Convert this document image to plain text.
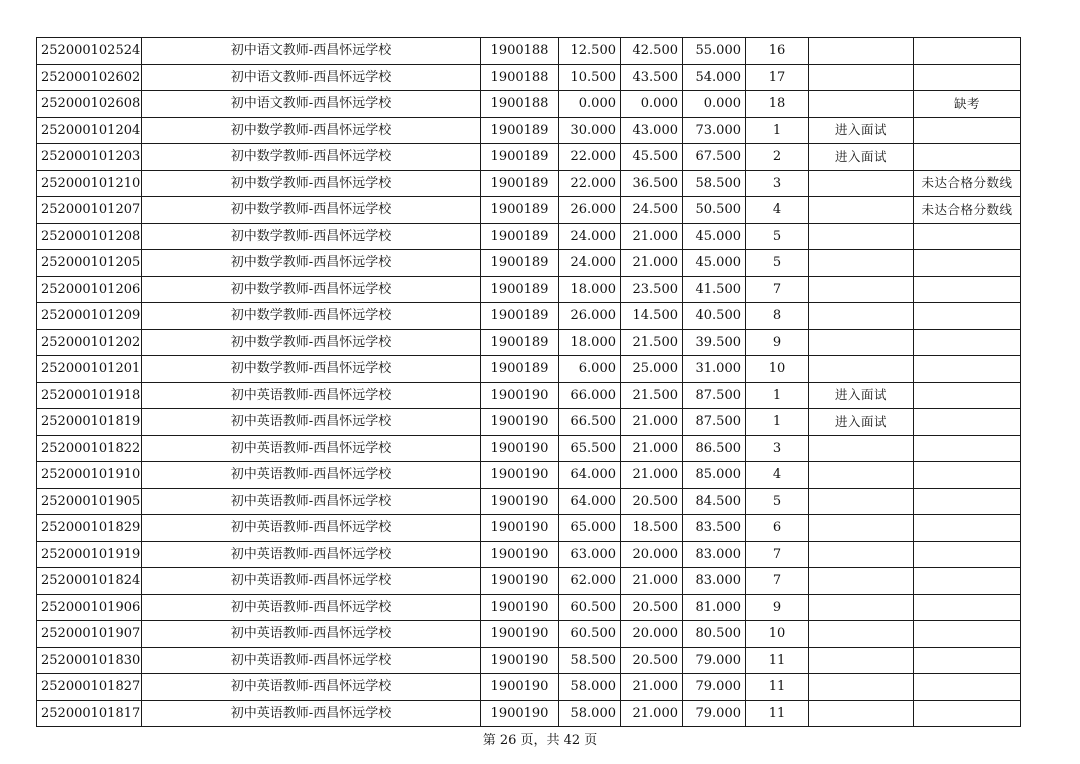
252000102524	初中语文教师-西昌怀远学校	1900188	12.500	42.500	55.000	16		
252000102602	初中语文教师-西昌怀远学校	1900188	10.500	43.500	54.000	17		
252000102608	初中语文教师-西昌怀远学校	1900188	0.000	0.000	0.000	18		缺考
252000101204	初中数学教师-西昌怀远学校	1900189	30.000	43.000	73.000	1	进入面试	
252000101203	初中数学教师-西昌怀远学校	1900189	22.000	45.500	67.500	2	进入面试	
252000101210	初中数学教师-西昌怀远学校	1900189	22.000	36.500	58.500	3		未达合格分数线
252000101207	初中数学教师-西昌怀远学校	1900189	26.000	24.500	50.500	4		未达合格分数线
252000101208	初中数学教师-西昌怀远学校	1900189	24.000	21.000	45.000	5		
252000101205	初中数学教师-西昌怀远学校	1900189	24.000	21.000	45.000	5		
252000101206	初中数学教师-西昌怀远学校	1900189	18.000	23.500	41.500	7		
252000101209	初中数学教师-西昌怀远学校	1900189	26.000	14.500	40.500	8		
252000101202	初中数学教师-西昌怀远学校	1900189	18.000	21.500	39.500	9		
252000101201	初中数学教师-西昌怀远学校	1900189	6.000	25.000	31.000	10		
252000101918	初中英语教师-西昌怀远学校	1900190	66.000	21.500	87.500	1	进入面试	
252000101819	初中英语教师-西昌怀远学校	1900190	66.500	21.000	87.500	1	进入面试	
252000101822	初中英语教师-西昌怀远学校	1900190	65.500	21.000	86.500	3		
252000101910	初中英语教师-西昌怀远学校	1900190	64.000	21.000	85.000	4		
252000101905	初中英语教师-西昌怀远学校	1900190	64.000	20.500	84.500	5		
252000101829	初中英语教师-西昌怀远学校	1900190	65.000	18.500	83.500	6		
252000101919	初中英语教师-西昌怀远学校	1900190	63.000	20.000	83.000	7		
252000101824	初中英语教师-西昌怀远学校	1900190	62.000	21.000	83.000	7		
252000101906	初中英语教师-西昌怀远学校	1900190	60.500	20.500	81.000	9		
252000101907	初中英语教师-西昌怀远学校	1900190	60.500	20.000	80.500	10		
252000101830	初中英语教师-西昌怀远学校	1900190	58.500	20.500	79.000	11		
252000101827	初中英语教师-西昌怀远学校	1900190	58.000	21.000	79.000	11		
252000101817	初中英语教师-西昌怀远学校	1900190	58.000	21.000	79.000	11		
第 26 页，共 42 页
